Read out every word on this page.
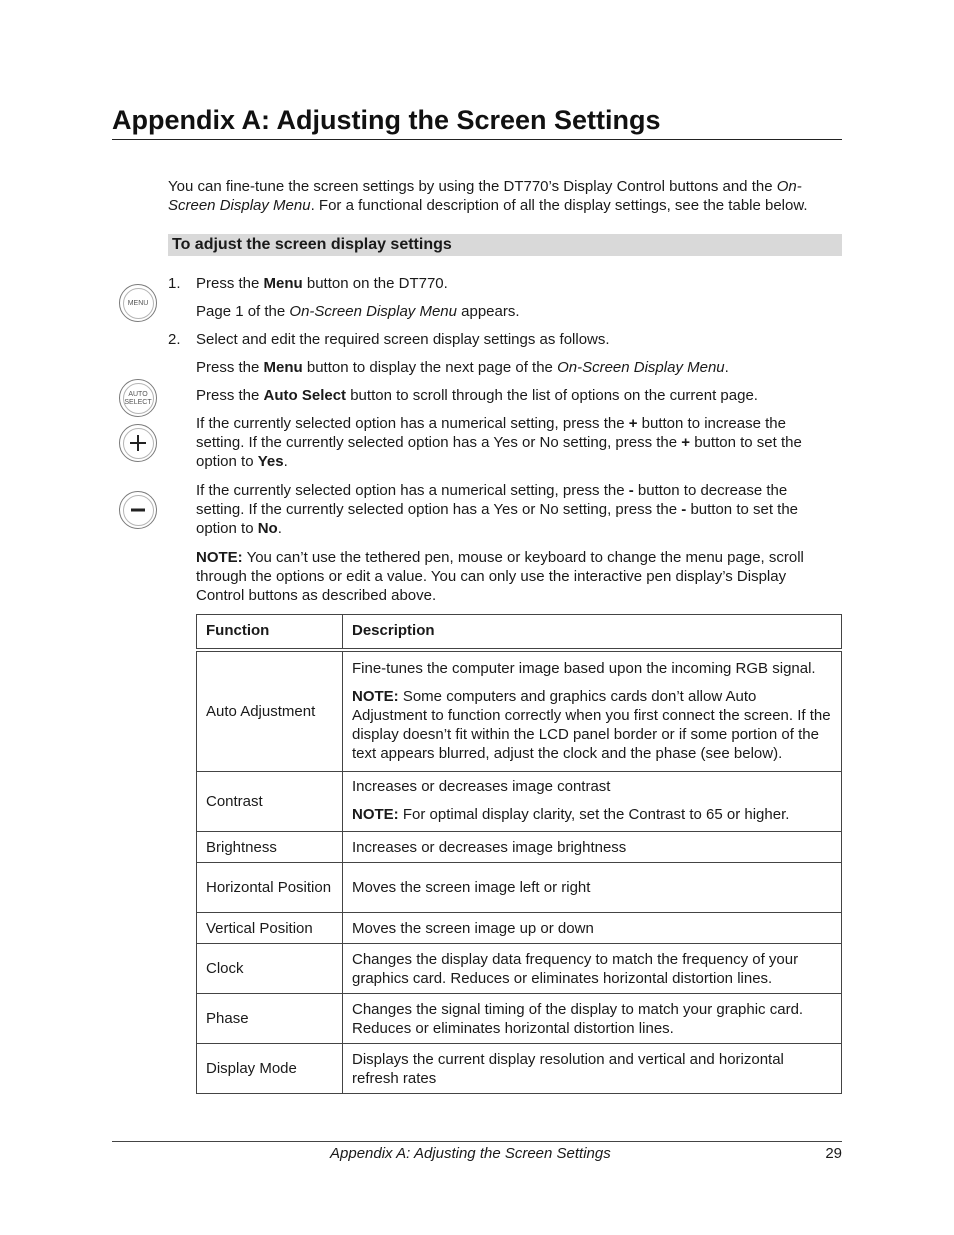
Appendix A: Adjusting the Screen Settings

You can fine-tune the screen settings by using the DT770’s Display Control buttons and the On-Screen Display Menu. For a functional description of all the display settings, see the table below.

To adjust the screen display settings
1. Press the Menu button on the DT770.

Page 1 of the On-Screen Display Menu appears.

2. Select and edit the required screen display settings as follows.

Press the Menu button to display the next page of the On-Screen Display Menu.

Press the Auto Select button to scroll through the list of options on the current page.

If the currently selected option has a numerical setting, press the + button to increase the setting. If the currently selected option has a Yes or No setting, press the + button to set the option to Yes.

If the currently selected option has a numerical setting, press the - button to decrease the setting. If the currently selected option has a Yes or No setting, press the - button to set the option to No.

NOTE: You can’t use the tethered pen, mouse or keyboard to change the menu page, scroll through the options or edit a value. You can only use the interactive pen display’s Display Control buttons as described above.

MENU
AUTO
SELECT
Function	Description
Auto Adjustment	Fine-tunes the computer image based upon the incoming RGB signal.

NOTE: Some computers and graphics cards don’t allow Auto Adjustment to function correctly when you first connect the screen. If the display doesn’t fit within the LCD panel border or if some portion of the text appears blurred, adjust the clock and the phase (see below).

Contrast	Increases or decreases image contrast

NOTE: For optimal display clarity, set the Contrast to 65 or higher.

Brightness	Increases or decreases image brightness
Horizontal Position	Moves the screen image left or right
Vertical Position	Moves the screen image up or down
Clock	Changes the display data frequency to match the frequency of your graphics card. Reduces or eliminates horizontal distortion lines.
Phase	Changes the signal timing of the display to match your graphic card. Reduces or eliminates horizontal distortion lines.
Display Mode	Displays the current display resolution and vertical and horizontal refresh rates
Appendix A: Adjusting the Screen Settings	29
